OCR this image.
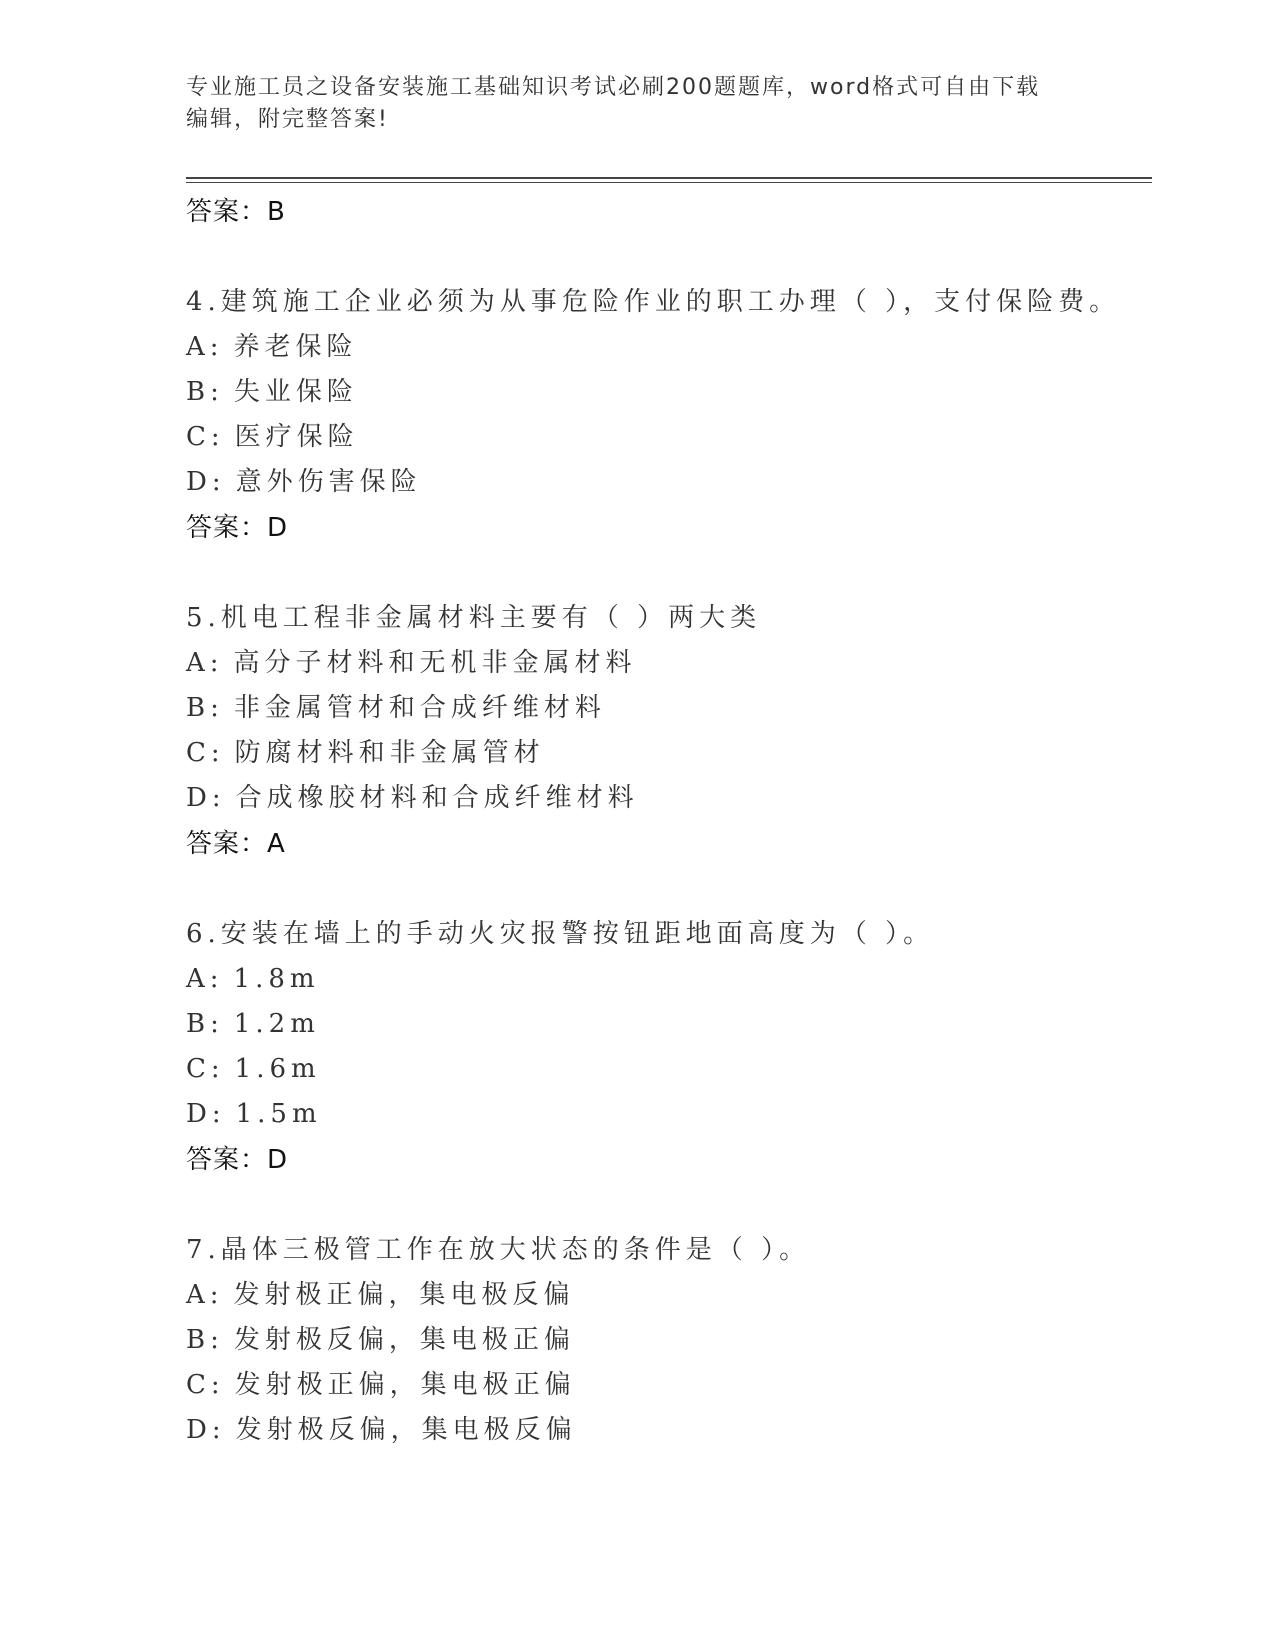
专业施工员之设备安装施工基础知识考试必刷200题题库，word格式可自由下载
编辑，附完整答案!
答案：B
4.建筑施工企业必须为从事危险作业的职工办理（ ），支付保险费。
A: 养老保险
B: 失业保险
C: 医疗保险
D: 意外伤害保险
答案：D
5.机电工程非金属材料主要有（ ）两大类
A: 高分子材料和无机非金属材料
B: 非金属管材和合成纤维材料
C: 防腐材料和非金属管材
D: 合成橡胶材料和合成纤维材料
答案：A
6.安装在墙上的手动火灾报警按钮距地面高度为（ ）。
A: 1.8m
B: 1.2m
C: 1.6m
D: 1.5m
答案：D
7.晶体三极管工作在放大状态的条件是（ ）。
A: 发射极正偏，集电极反偏
B: 发射极反偏，集电极正偏
C: 发射极正偏，集电极正偏
D: 发射极反偏，集电极反偏
